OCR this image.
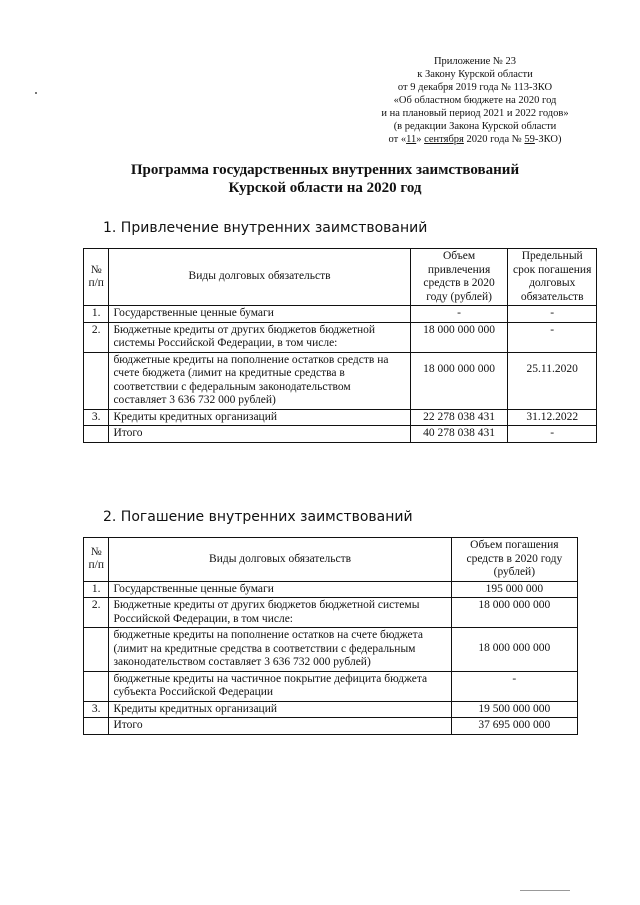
Приложение № 23
к Закону Курской области
от 9 декабря 2019 года № 113-ЗКО
«Об областном бюджете на 2020 год
и на плановый период 2021 и 2022 годов»
(в редакции Закона Курской области
от «11» сентября 2020 года № 59-ЗКО)
Программа государственных внутренних заимствований
Курской области на 2020 год
1. Привлечение внутренних заимствований
№ п/п	Виды долговых обязательств	Объем привлечения средств в 2020 году (рублей)	Предельный срок погашения долговых обязательств
1.	Государственные ценные бумаги	-	-
2.	Бюджетные кредиты от других бюджетов бюджетной системы Российской Федерации, в том числе:	18 000 000 000	-
	бюджетные кредиты на пополнение остатков средств на счете бюджета (лимит на кредитные средства в соответствии с федеральным законодательством составляет 3 636 732 000 рублей)	18 000 000 000	25.11.2020
3.	Кредиты кредитных организаций	22 278 038 431	31.12.2022
	Итого	40 278 038 431	-
2. Погашение внутренних заимствований
№ п/п	Виды долговых обязательств	Объем погашения средств в 2020 году (рублей)
1.	Государственные ценные бумаги	195 000 000
2.	Бюджетные кредиты от других бюджетов бюджетной системы Российской Федерации, в том числе:	18 000 000 000
	бюджетные кредиты на пополнение остатков на счете бюджета (лимит на кредитные средства в соответствии с федеральным законодательством составляет 3 636 732 000 рублей)	18 000 000 000
	бюджетные кредиты на частичное покрытие дефицита бюджета субъекта Российской Федерации	-
3.	Кредиты кредитных организаций	19 500 000 000
	Итого	37 695 000 000
